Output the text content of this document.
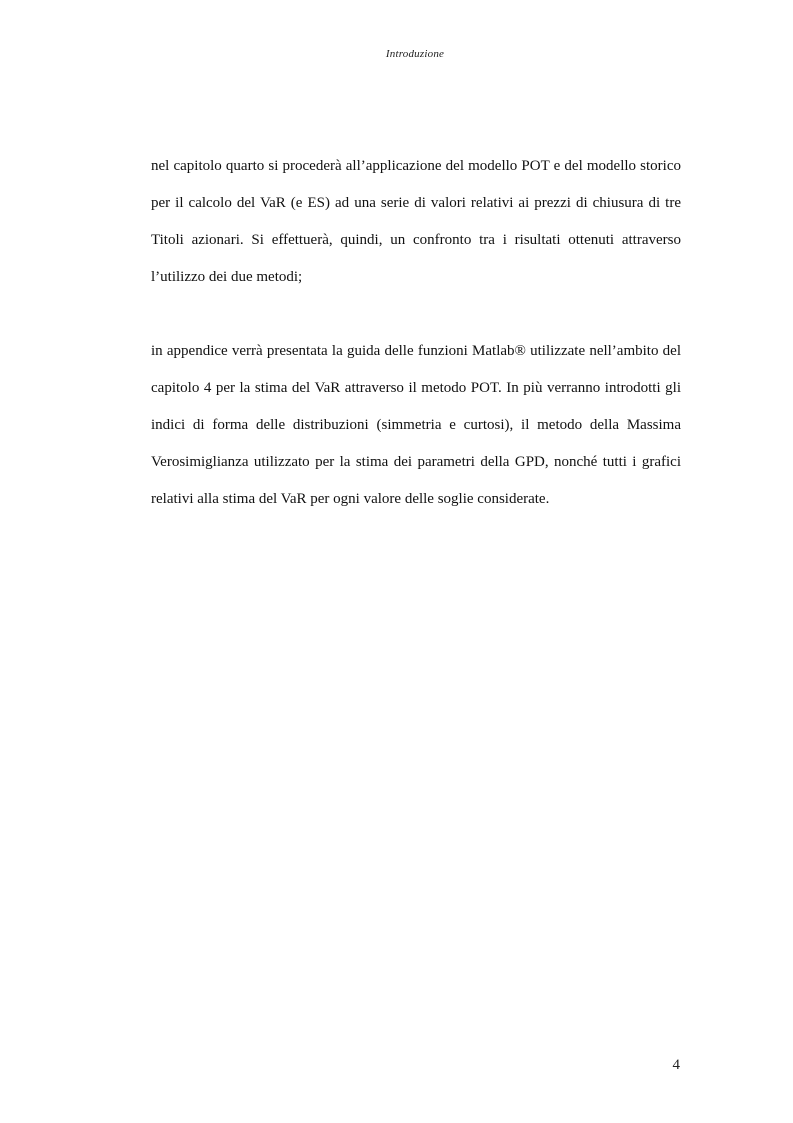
Introduzione

nel capitolo quarto si procederà all’applicazione del modello POT e del modello storico per il calcolo del VaR (e ES) ad una serie di valori relativi ai prezzi di chiusura di tre Titoli azionari. Si effettuerà, quindi, un confronto tra i risultati ottenuti attraverso l’utilizzo dei due metodi;

in appendice verrà presentata la guida delle funzioni Matlab® utilizzate nell’ambito del capitolo 4 per la stima del VaR attraverso il metodo POT. In più verranno introdotti gli indici di forma delle distribuzioni (simmetria e curtosi), il metodo della Massima Verosimiglianza utilizzato per la stima dei parametri della GPD, nonché tutti i grafici relativi alla stima del VaR per ogni valore delle soglie considerate.

4
